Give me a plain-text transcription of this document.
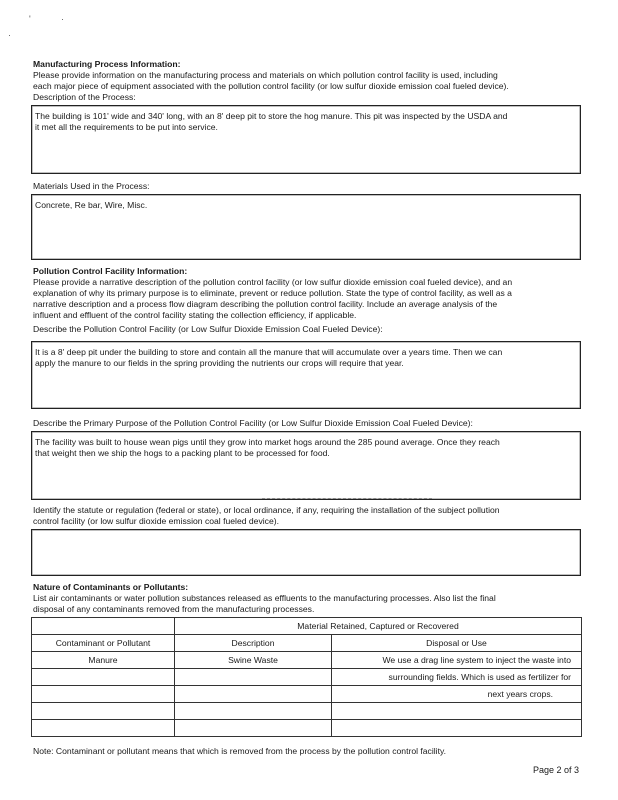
'	·
·
Manufacturing Process Information:
Please provide information on the manufacturing process and materials on which pollution control facility is used, including
each major piece of equipment associated with the pollution control facility (or low sulfur dioxide emission coal fueled device).
Description of the Process:
The building is 101' wide and 340' long, with an 8' deep pit to store the hog manure. This pit was inspected by the USDA and
it met all the requirements to be put into service.
Materials Used in the Process:
Concrete, Re bar, Wire, Misc.
Pollution Control Facility Information:
Please provide a narrative description of the pollution control facility (or low sulfur dioxide emission coal fueled device), and an
explanation of why its primary purpose is to eliminate, prevent or reduce pollution. State the type of control facility, as well as a
narrative description and a process flow diagram describing the pollution control facility. Include an average analysis of the
influent and effluent of the control facility stating the collection efficiency, if applicable.
Describe the Pollution Control Facility (or Low Sulfur Dioxide Emission Coal Fueled Device):
It is a 8' deep pit under the building to store and contain all the manure that will accumulate over a years time. Then we can
apply the manure to our fields in the spring providing the nutrients our crops will require that year.
Describe the Primary Purpose of the Pollution Control Facility (or Low Sulfur Dioxide Emission Coal Fueled Device):
The facility was built to house wean pigs until they grow into market hogs around the 285 pound average. Once they reach
that weight then we ship the hogs to a packing plant to be processed for food.
Identify the statute or regulation (federal or state), or local ordinance, if any, requiring the installation of the subject pollution
control facility (or low sulfur dioxide emission coal fueled device).
Nature of Contaminants or Pollutants:
List air contaminants or water pollution substances released as effluents to the manufacturing processes. Also list the final
disposal of any contaminants removed from the manufacturing processes.
	Material Retained, Captured or Recovered	
Contaminant or Pollutant	Description	Disposal or Use
Manure	Swine Waste	We use a drag line system to inject the waste into
		surrounding fields. Which is used as fertilizer for
		next years crops.

Note: Contaminant or pollutant means that which is removed from the process by the pollution control facility.
Page 2 of 3
